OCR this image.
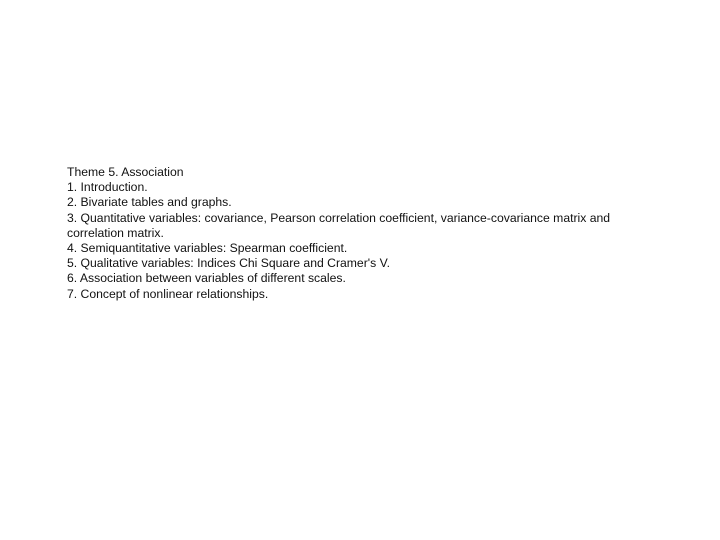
Theme 5. Association
1. Introduction.
2. Bivariate tables and graphs.
3. Quantitative variables: covariance, Pearson correlation coefficient, variance-covariance matrix and
correlation matrix.
4. Semiquantitative variables: Spearman coefficient.
5. Qualitative variables: Indices Chi Square and Cramer's V.
6. Association between variables of different scales.
7. Concept of nonlinear relationships.
